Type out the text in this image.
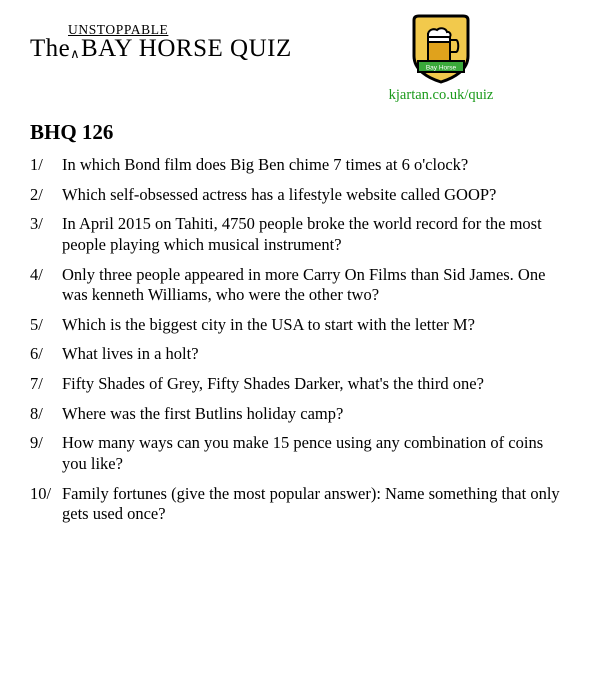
UNSTOPPABLE
The∧BAY HORSE QUIZ
Bay Horse
kjartan.co.uk/quiz
BHQ 126
1/	In which Bond film does Big Ben chime 7 times at 6 o'clock?
2/	Which self-obsessed actress has a lifestyle website called GOOP?
3/	In April 2015 on Tahiti, 4750 people broke the world record for the most people playing which musical instrument?
4/	Only three people appeared in more Carry On Films than Sid James. One was kenneth Williams, who were the other two?
5/	Which is the biggest city in the USA to start with the letter M?
6/	What lives in a holt?
7/	Fifty Shades of Grey, Fifty Shades Darker, what's the third one?
8/	Where was the first Butlins holiday camp?
9/	How many ways can you make 15 pence using any combination of coins you like?
10/ Family fortunes (give the most popular answer): Name something that only gets used once?
